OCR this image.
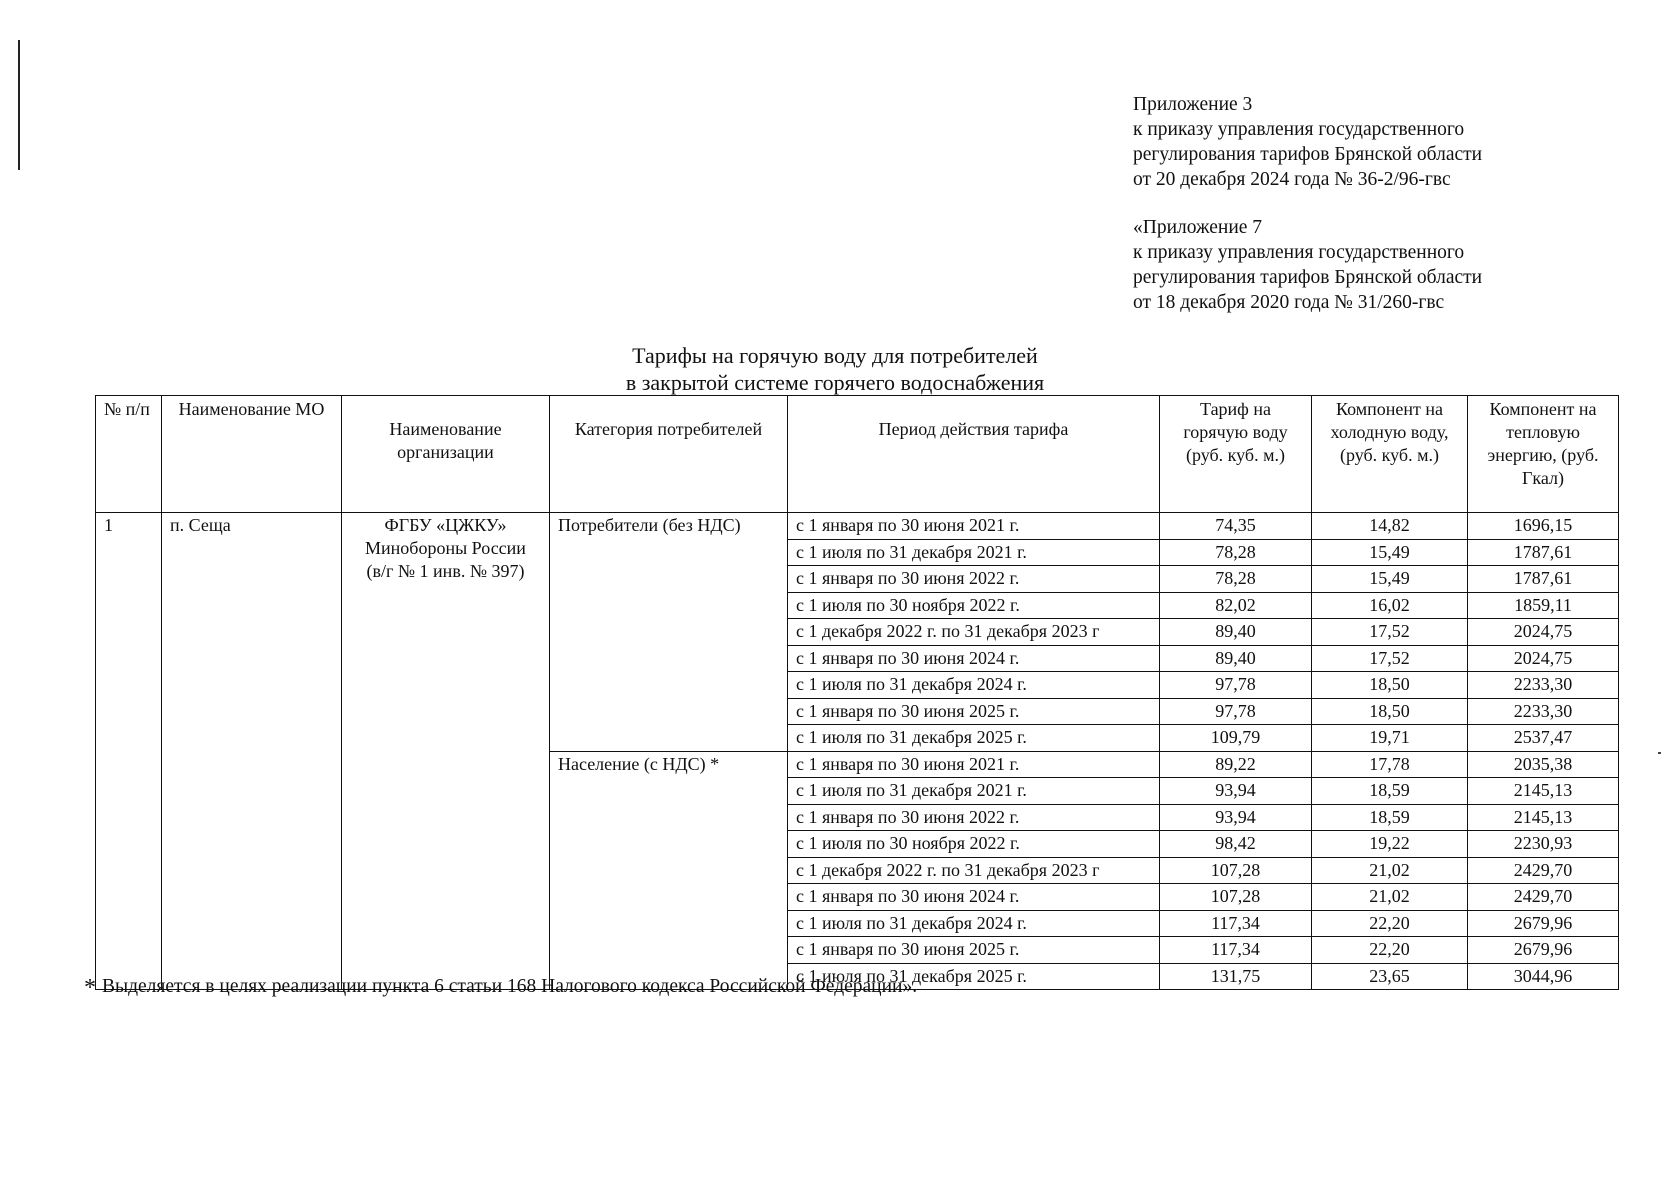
Приложение 3
к приказу управления государственного
регулирования тарифов Брянской области
от 20 декабря 2024 года № 36-2/96-гвс
«Приложение 7
к приказу управления государственного
регулирования тарифов Брянской области
от 18 декабря 2020 года № 31/260-гвс
Тарифы на горячую воду для потребителей
в закрытой системе горячего водоснабжения
№ п/п	Наименование МО	Наименование организации	Категория потребителей	Период действия тарифа	Тариф на горячую воду (руб. куб. м.)	Компонент на холодную воду, (руб. куб. м.)	Компонент на тепловую энергию, (руб. Гкал)
1	п. Сеща	ФГБУ «ЦЖКУ»
Минобороны России
(в/г № 1 инв. № 397)	Потребители (без НДС)	с 1 января по 30 июня 2021 г.	74,35	14,82	1696,15
				с 1 июля по 31 декабря 2021 г.	78,28	15,49	1787,61
				с 1 января по 30 июня 2022 г.	78,28	15,49	1787,61
				с 1 июля по 30 ноября 2022 г.	82,02	16,02	1859,11
				с 1 декабря 2022 г. по 31 декабря 2023 г	89,40	17,52	2024,75
				с 1 января по 30 июня 2024 г.	89,40	17,52	2024,75
				с 1 июля по 31 декабря 2024 г.	97,78	18,50	2233,30
				с 1 января по 30 июня 2025 г.	97,78	18,50	2233,30
				с 1 июля по 31 декабря 2025 г.	109,79	19,71	2537,47
			Население (с НДС) *	с 1 января по 30 июня 2021 г.	89,22	17,78	2035,38
				с 1 июля по 31 декабря 2021 г.	93,94	18,59	2145,13
				с 1 января по 30 июня 2022 г.	93,94	18,59	2145,13
				с 1 июля по 30 ноября 2022 г.	98,42	19,22	2230,93
				с 1 декабря 2022 г. по 31 декабря 2023 г	107,28	21,02	2429,70
				с 1 января по 30 июня 2024 г.	107,28	21,02	2429,70
				с 1 июля по 31 декабря 2024 г.	117,34	22,20	2679,96
				с 1 января по 30 июня 2025 г.	117,34	22,20	2679,96
				с 1 июля по 31 декабря 2025 г.	131,75	23,65	3044,96
* Выделяется в целях реализации пункта 6 статьи 168 Налогового кодекса Российской Федерации».
